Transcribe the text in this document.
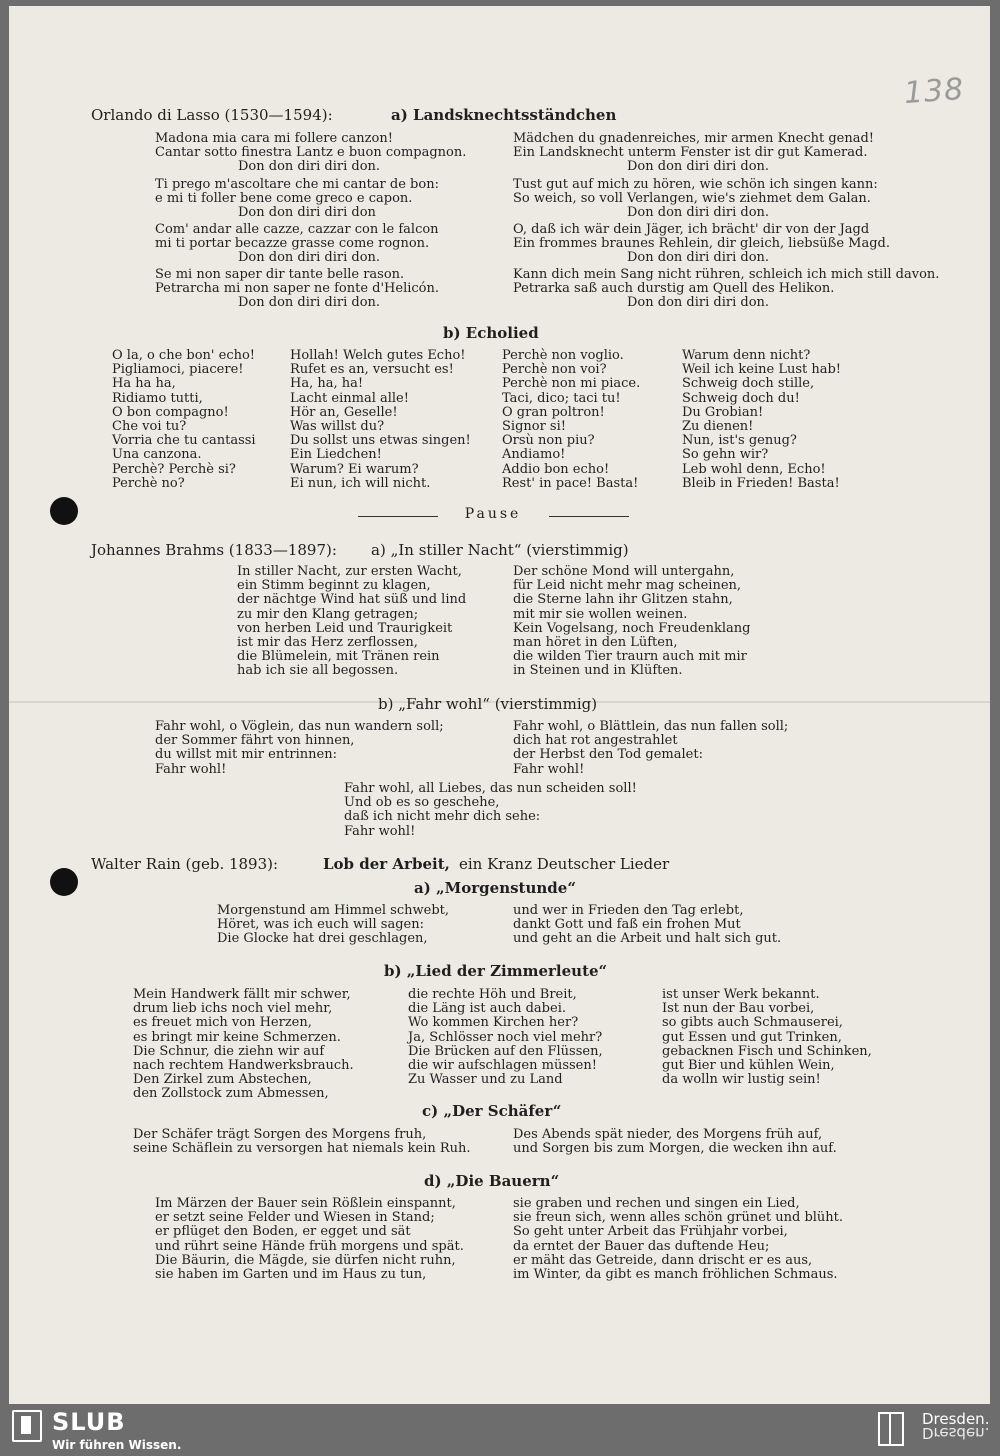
138
Orlando di Lasso (1530—1594):	a) Landsknechtsständchen
Madona mia cara mi follere canzon!
Cantar sotto finestra Lantz e buon compagnon.
Don don diri diri don.
Ti prego m'ascoltare che mi cantar de bon:
e mi ti foller bene come greco e capon.
Don don diri diri don
Com' andar alle cazze, cazzar con le falcon
mi ti portar becazze grasse come rognon.
Don don diri diri don.
Se mi non saper dir tante belle rason.
Petrarcha mi non saper ne fonte d'Helicón.
Don don diri diri don.
Mädchen du gnadenreiches, mir armen Knecht genad!
Ein Landsknecht unterm Fenster ist dir gut Kamerad.
Don don diri diri don.
Tust gut auf mich zu hören, wie schön ich singen kann:
So weich, so voll Verlangen, wie's ziehmet dem Galan.
Don don diri diri don.
O, daß ich wär dein Jäger, ich brächt' dir von der Jagd
Ein frommes braunes Rehlein, dir gleich, liebsüße Magd.
Don don diri diri don.
Kann dich mein Sang nicht rühren, schleich ich mich still davon.
Petrarka saß auch durstig am Quell des Helikon.
Don don diri diri don.
b) Echolied
O la, o che bon' echo!
Pigliamoci, piacere!
Ha ha ha,
Ridiamo tutti,
O bon compagno!
Che voi tu?
Vorria che tu cantassi
Una canzona.
Perchè? Perchè si?
Perchè no?
Hollah! Welch gutes Echo!
Rufet es an, versucht es!
Ha, ha, ha!
Lacht einmal alle!
Hör an, Geselle!
Was willst du?
Du sollst uns etwas singen!
Ein Liedchen!
Warum? Ei warum?
Ei nun, ich will nicht.
Perchè non voglio.
Perchè non voi?
Perchè non mi piace.
Taci, dico; taci tu!
O gran poltron!
Signor si!
Orsù non piu?
Andiamo!
Addio bon echo!
Rest' in pace! Basta!
Warum denn nicht?
Weil ich keine Lust hab!
Schweig doch stille,
Schweig doch du!
Du Grobian!
Zu dienen!
Nun, ist's genug?
So gehn wir?
Leb wohl denn, Echo!
Bleib in Frieden! Basta!
Pause
Johannes Brahms (1833—1897): a) „In stiller Nacht“ (vierstimmig)
In stiller Nacht, zur ersten Wacht,
ein Stimm beginnt zu klagen,
der nächtge Wind hat süß und lind
zu mir den Klang getragen;
von herben Leid und Traurigkeit
ist mir das Herz zerflossen,
die Blümelein, mit Tränen rein
hab ich sie all begossen.
Der schöne Mond will untergahn,
für Leid nicht mehr mag scheinen,
die Sterne lahn ihr Glitzen stahn,
mit mir sie wollen weinen.
Kein Vogelsang, noch Freudenklang
man höret in den Lüften,
die wilden Tier traurn auch mit mir
in Steinen und in Klüften.
b) „Fahr wohl“ (vierstimmig)
Fahr wohl, o Vöglein, das nun wandern soll;
der Sommer fährt von hinnen,
du willst mit mir entrinnen:
Fahr wohl!
Fahr wohl, o Blättlein, das nun fallen soll;
dich hat rot angestrahlet
der Herbst den Tod gemalet:
Fahr wohl!
Fahr wohl, all Liebes, das nun scheiden soll!
Und ob es so geschehe,
daß ich nicht mehr dich sehe:
Fahr wohl!
Walter Rain (geb. 1893):	Lob der Arbeit, ein Kranz Deutscher Lieder
a) „Morgenstunde“
Morgenstund am Himmel schwebt,
Höret, was ich euch will sagen:
Die Glocke hat drei geschlagen,
und wer in Frieden den Tag erlebt,
dankt Gott und faß ein frohen Mut
und geht an die Arbeit und halt sich gut.
b) „Lied der Zimmerleute“
Mein Handwerk fällt mir schwer,
drum lieb ichs noch viel mehr,
es freuet mich von Herzen,
es bringt mir keine Schmerzen.
Die Schnur, die ziehn wir auf
nach rechtem Handwerksbrauch.
Den Zirkel zum Abstechen,
den Zollstock zum Abmessen,
die rechte Höh und Breit,
die Läng ist auch dabei.
Wo kommen Kirchen her?
Ja, Schlösser noch viel mehr?
Die Brücken auf den Flüssen,
die wir aufschlagen müssen!
Zu Wasser und zu Land
ist unser Werk bekannt.
Ist nun der Bau vorbei,
so gibts auch Schmauserei,
gut Essen und gut Trinken,
gebacknen Fisch und Schinken,
gut Bier und kühlen Wein,
da wolln wir lustig sein!
c) „Der Schäfer“
Der Schäfer trägt Sorgen des Morgens fruh,
seine Schäflein zu versorgen hat niemals kein Ruh.
Des Abends spät nieder, des Morgens früh auf,
und Sorgen bis zum Morgen, die wecken ihn auf.
d) „Die Bauern“
Im Märzen der Bauer sein Rößlein einspannt,
er setzt seine Felder und Wiesen in Stand;
er pflüget den Boden, er egget und sät
und rührt seine Hände früh morgens und spät.
Die Bäurin, die Mägde, sie dürfen nicht ruhn,
sie haben im Garten und im Haus zu tun,
sie graben und rechen und singen ein Lied,
sie freun sich, wenn alles schön grünet und blüht.
So geht unter Arbeit das Frühjahr vorbei,
da erntet der Bauer das duftende Heu;
er mäht das Getreide, dann drischt er es aus,
im Winter, da gibt es manch fröhlichen Schmaus.
SLUB
Wir führen Wissen.
Dresden.
Dresden.
